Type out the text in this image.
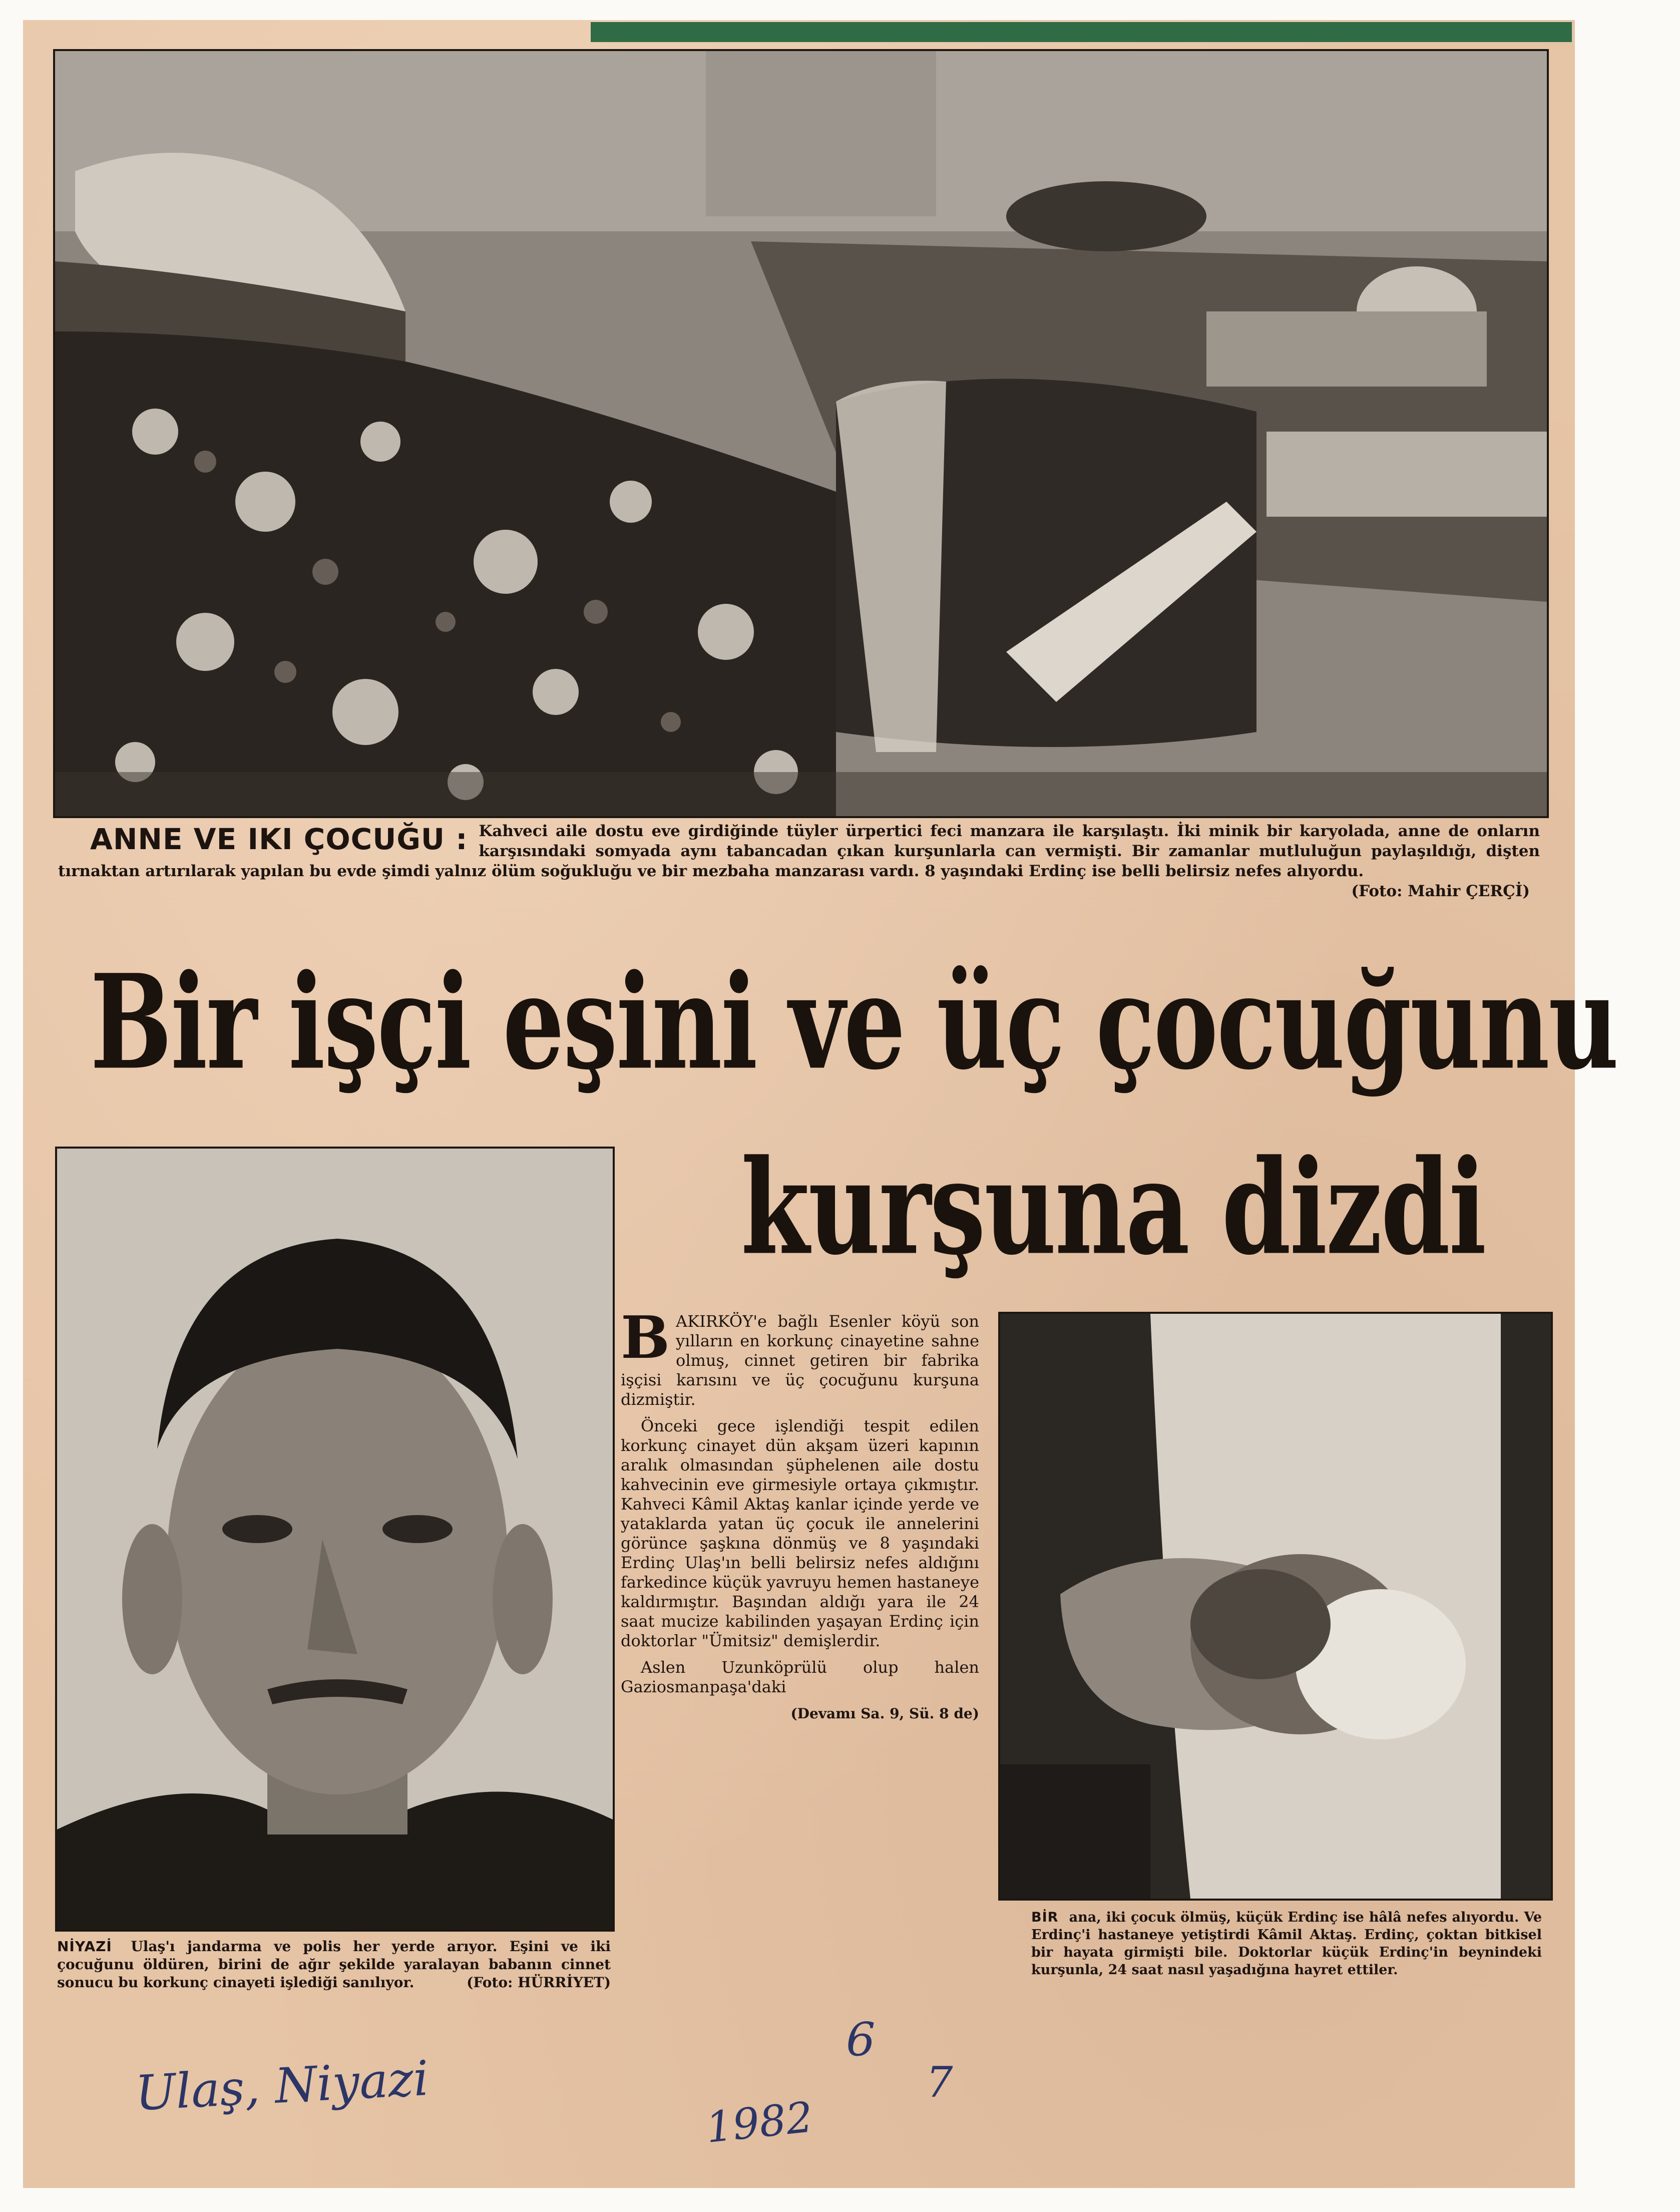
ANNE VE IKI ÇOCUĞU : Kahveci aile dostu eve girdiğinde tüyler ürpertici feci manzara ile karşılaştı. İki minik bir karyolada, anne de onların karşısındaki somyada aynı tabancadan çıkan kurşunlarla can vermişti. Bir zamanlar mutluluğun paylaşıldığı, dişten tırnaktan artırılarak yapılan bu evde şimdi yalnız ölüm soğukluğu ve bir mezbaha manzarası vardı. 8 yaşındaki Erdinç ise belli belirsiz nefes alıyordu.
(Foto: Mahir ÇERÇİ)
Bir işçi eşini ve üç çocuğunu
kurşuna dizdi
NİYAZİ Ulaş'ı jandarma ve polis her yerde arıyor. Eşini ve iki çocuğunu öldüren, birini de ağır şekilde yaralayan babanın cinnet sonucu bu korkunç cinayeti işlediği sanılıyor.	(Foto: HÜRRİYET)

B AKIRKÖY'e bağlı Esenler köyü son yılların en korkunç cinayetine sahne olmuş, cinnet getiren bir fabrika işçisi karısını ve üç çocuğunu kurşuna dizmiştir.

Önceki gece işlendiği tespit edilen korkunç cinayet dün akşam üzeri kapının aralık olmasından şüphelenen aile dostu kahvecinin eve girmesiyle ortaya çıkmıştır. Kahveci Kâmil Aktaş kanlar içinde yerde ve yataklarda yatan üç çocuk ile annelerini görünce şaşkına dönmüş ve 8 yaşındaki Erdinç Ulaş'ın belli belirsiz nefes aldığını farkedince küçük yavruyu hemen hastaneye kaldırmıştır. Başından aldığı yara ile 24 saat mucize kabilinden yaşayan Erdinç için doktorlar "Ümitsiz" demişlerdir.

Aslen Uzunköprülü olup halen Gaziosmanpaşa'daki

(Devamı Sa. 9, Sü. 8 de)
BİR ana, iki çocuk ölmüş, küçük Erdinç ise hâlâ nefes alıyordu. Ve Erdinç'i hastaneye yetiştirdi Kâmil Aktaş. Erdinç, çoktan bitkisel bir hayata girmişti bile. Doktorlar küçük Erdinç'in beynindeki kurşunla, 24 saat nasıl yaşadığına hayret ettiler.
Ulaş, Niyazi
6
7
1982
